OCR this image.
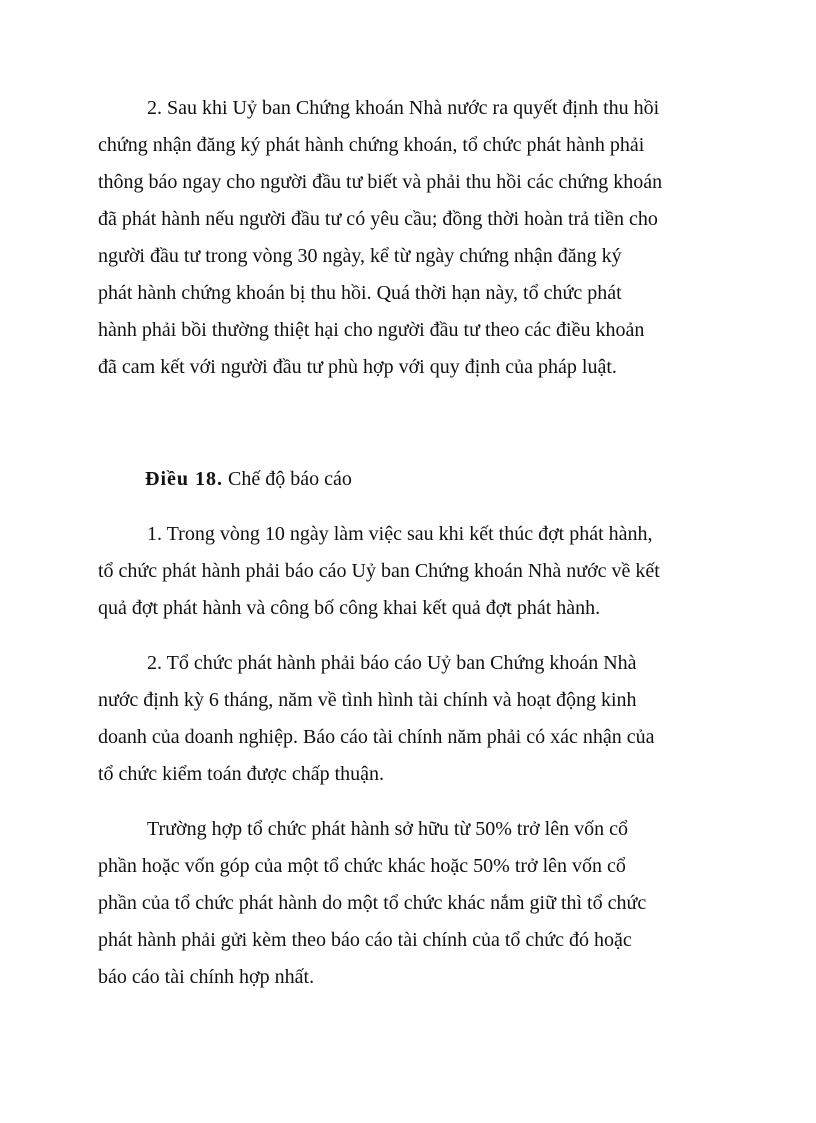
2. Sau khi Uỷ ban Chứng khoán Nhà nước ra quyết định thu hồi
chứng nhận đăng ký phát hành chứng khoán, tổ chức phát hành phải
thông báo ngay cho người đầu tư biết và phải thu hồi các chứng khoán
đã phát hành nếu người đầu tư có yêu cầu; đồng thời hoàn trả tiền cho
người đầu tư trong vòng 30 ngày, kể từ ngày chứng nhận đăng ký
phát hành chứng khoán bị thu hồi. Quá thời hạn này, tổ chức phát
hành phải bồi thường thiệt hại cho người đầu tư theo các điều khoản
đã cam kết với người đầu tư phù hợp với quy định của pháp luật.
Điều 18. Chế độ báo cáo
1. Trong vòng 10 ngày làm việc sau khi kết thúc đợt phát hành,
tổ chức phát hành phải báo cáo Uỷ ban Chứng khoán Nhà nước về kết
quả đợt phát hành và công bố công khai kết quả đợt phát hành.
2. Tổ chức phát hành phải báo cáo Uỷ ban Chứng khoán Nhà
nước định kỳ 6 tháng, năm về tình hình tài chính và hoạt động kinh
doanh của doanh nghiệp. Báo cáo tài chính năm phải có xác nhận của
tổ chức kiểm toán được chấp thuận.
Trường hợp tổ chức phát hành sở hữu từ 50% trở lên vốn cổ
phần hoặc vốn góp của một tổ chức khác hoặc 50% trở lên vốn cổ
phần của tổ chức phát hành do một tổ chức khác nắm giữ thì tổ chức
phát hành phải gửi kèm theo báo cáo tài chính của tổ chức đó hoặc
báo cáo tài chính hợp nhất.
